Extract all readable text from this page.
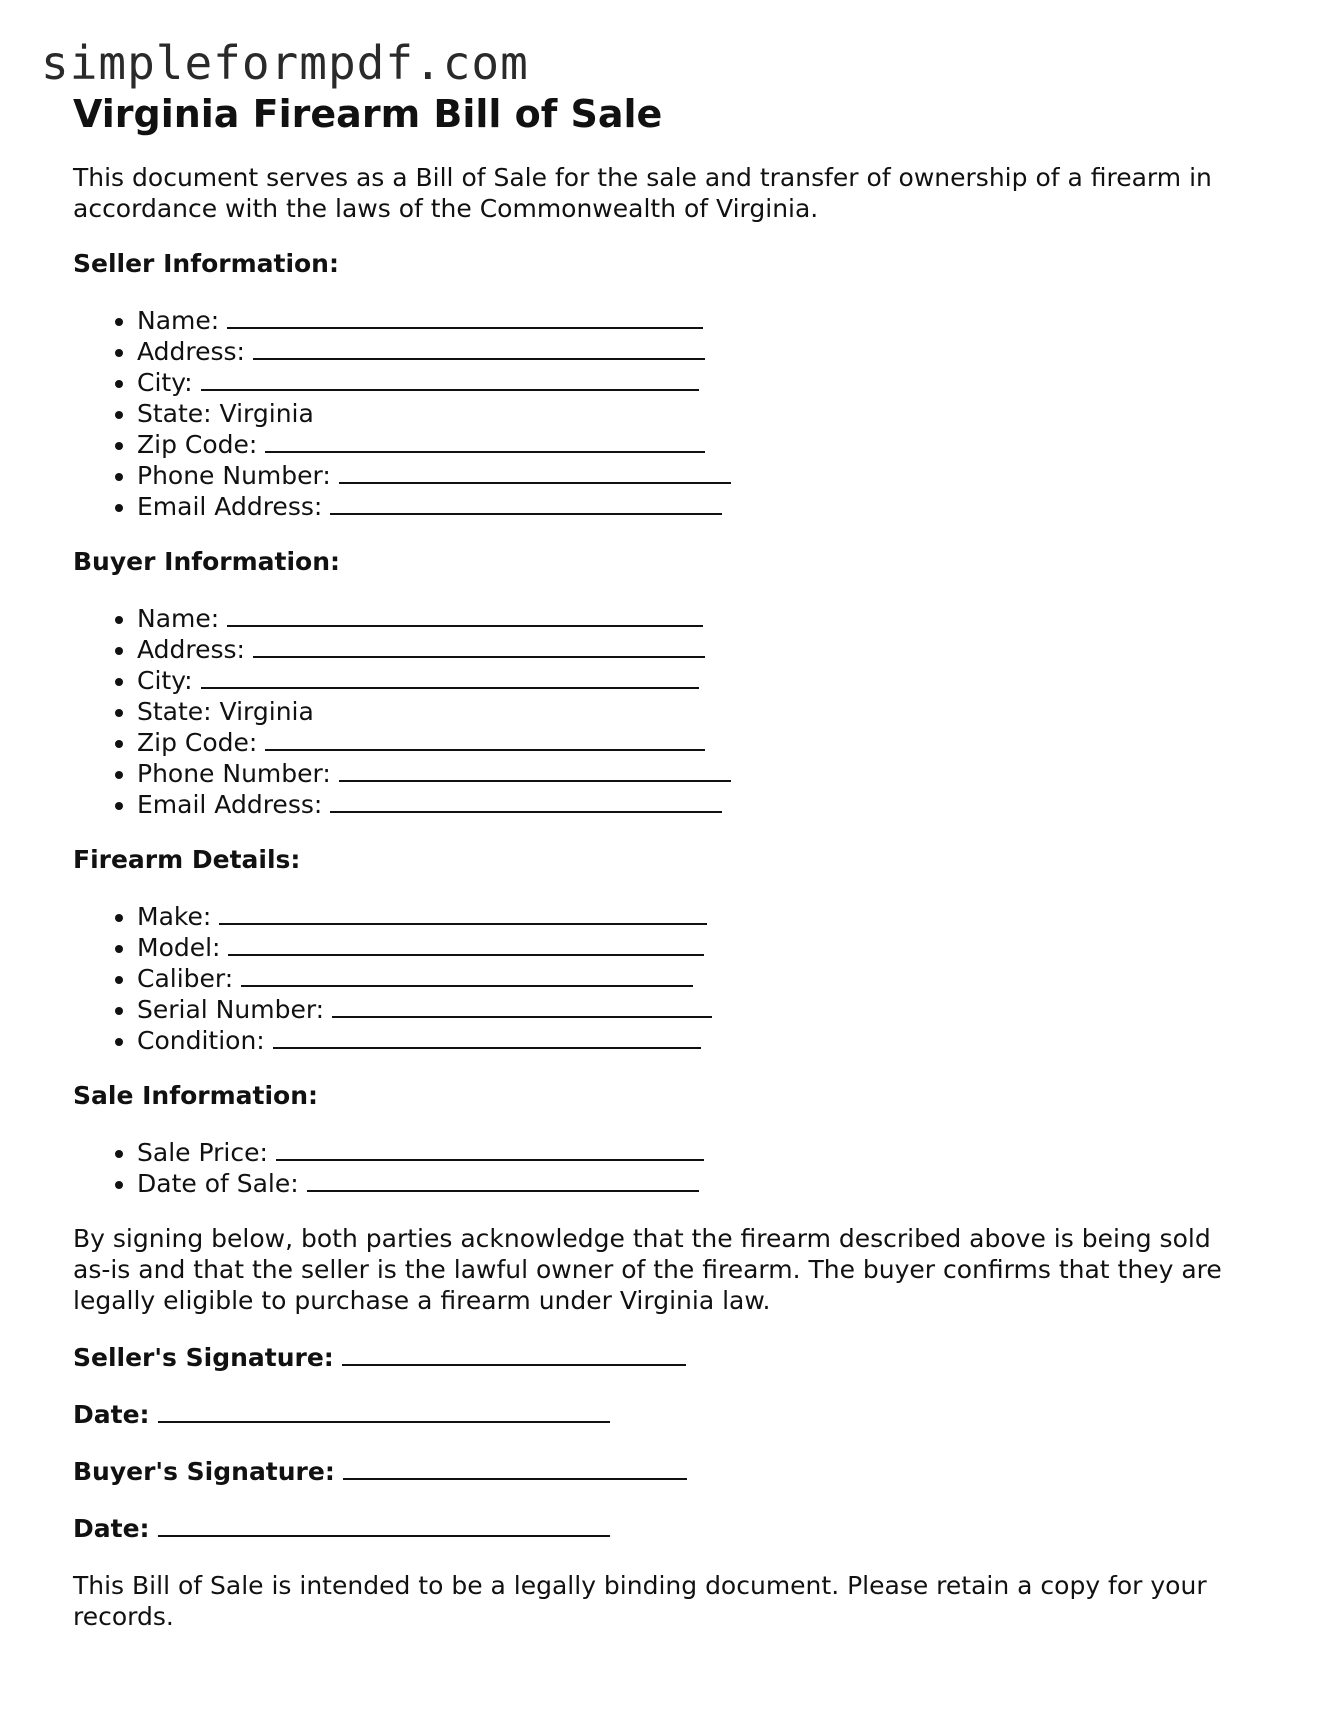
simpleformpdf.com
Virginia Firearm Bill of Sale

This document serves as a Bill of Sale for the sale and transfer of ownership of a firearm in accordance with the laws of the Commonwealth of Virginia.

Seller Information:
• Name:
• Address:
• City:
• State: Virginia
• Zip Code:
• Phone Number:
• Email Address:
Buyer Information:
• Name:
• Address:
• City:
• State: Virginia
• Zip Code:
• Phone Number:
• Email Address:
Firearm Details:
• Make:
• Model:
• Caliber:
• Serial Number:
• Condition:
Sale Information:
• Sale Price:
• Date of Sale:

By signing below, both parties acknowledge that the firearm described above is being sold as-is and that the seller is the lawful owner of the firearm. The buyer confirms that they are legally eligible to purchase a firearm under Virginia law.

Seller's Signature:

Date:

Buyer's Signature:

Date:

This Bill of Sale is intended to be a legally binding document. Please retain a copy for your records.
